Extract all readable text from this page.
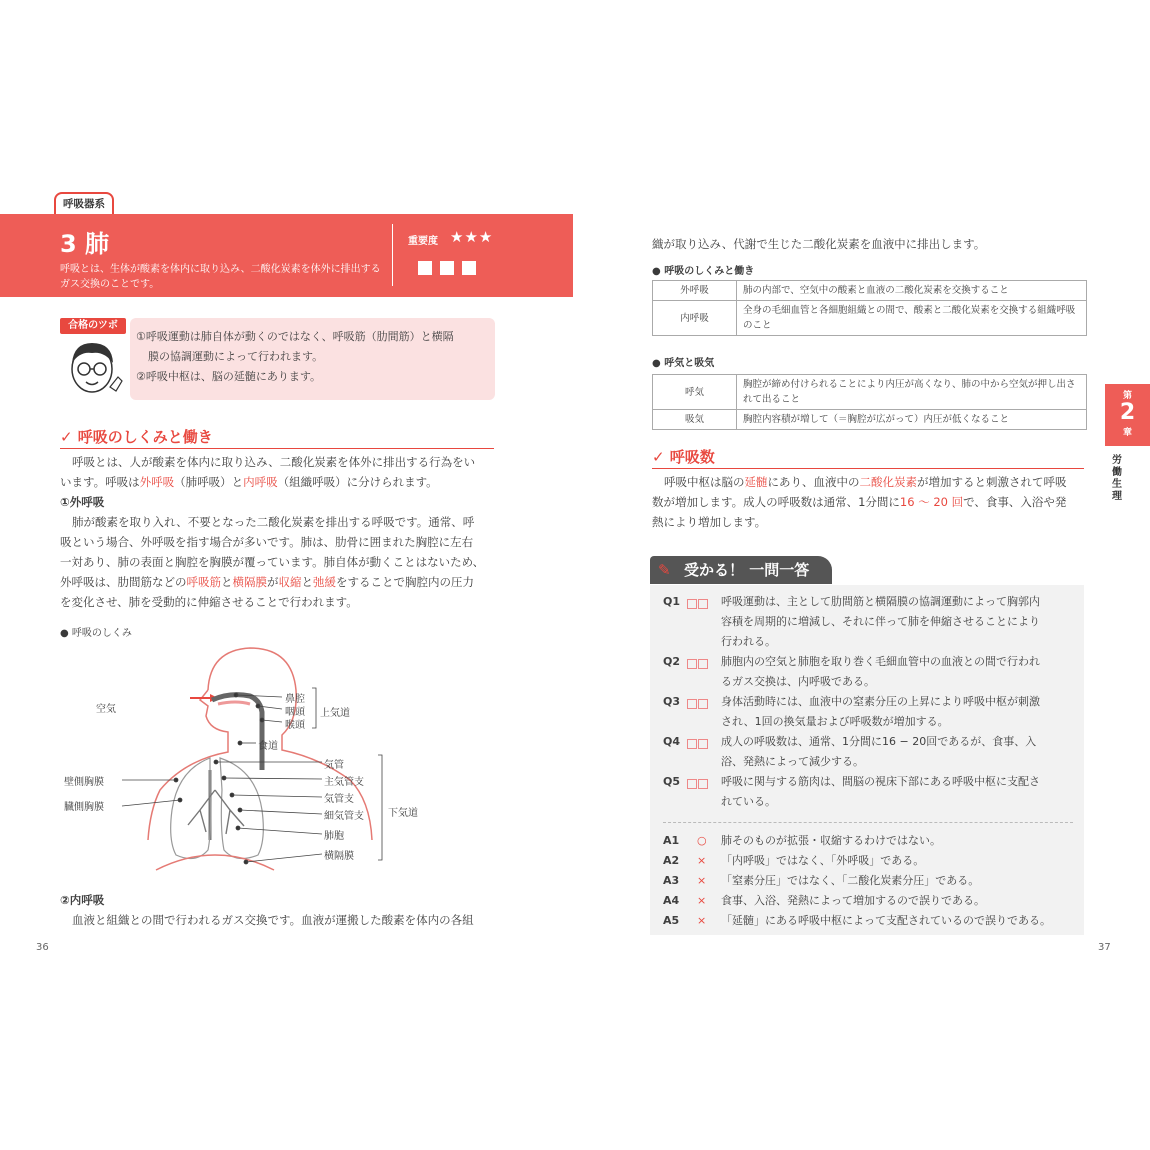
呼吸器系
3 肺
呼吸とは、生体が酸素を体内に取り込み、二酸化炭素を体外に排出するガス交換のことです。
重要度 ★★★
合格のツボ
①呼吸運動は肺自体が動くのではなく、呼吸筋（肋間筋）と横隔
膜の協調運動によって行われます。
②呼吸中枢は、脳の延髄にあります。
✓ 呼吸のしくみと働き
呼吸とは、人が酸素を体内に取り込み、二酸化炭素を体外に排出する行為をい
います。呼吸は外呼吸（肺呼吸）と内呼吸（組織呼吸）に分けられます。
①外呼吸
肺が酸素を取り入れ、不要となった二酸化炭素を排出する呼吸です。通常、呼
吸という場合、外呼吸を指す場合が多いです。肺は、肋骨に囲まれた胸腔に左右
一対あり、肺の表面と胸腔を胸膜が覆っています。肺自体が動くことはないため、
外呼吸は、肋間筋などの呼吸筋と横隔膜が収縮と弛緩をすることで胸腔内の圧力
を変化させ、肺を受動的に伸縮させることで行われます。
● 呼吸のしくみ
空気
鼻腔
咽頭
喉頭
上気道
食道
気管
主気管支
気管支
細気管支
肺胞
横隔膜
下気道
壁側胸膜
臓側胸膜
②内呼吸
血液と組織との間で行われるガス交換です。血液が運搬した酸素を体内の各組
36
織が取り込み、代謝で生じた二酸化炭素を血液中に排出します。
● 呼吸のしくみと働き
外呼吸	肺の内部で、空気中の酸素と血液の二酸化炭素を交換すること
内呼吸	全身の毛細血管と各細胞組織との間で、酸素と二酸化炭素を交換する組織呼吸のこと
● 呼気と吸気
呼気	胸腔が締め付けられることにより内圧が高くなり、肺の中から空気が押し出されて出ること
吸気	胸腔内容積が増して（＝胸腔が広がって）内圧が低くなること
✓ 呼吸数
呼吸中枢は脳の延髄にあり、血液中の二酸化炭素が増加すると刺激されて呼吸
数が増加します。成人の呼吸数は通常、1分間に16 〜 20 回で、食事、入浴や発
熱により増加します。
✎ 受かる！ 一問一答
Q1	呼吸運動は、主として肋間筋と横隔膜の協調運動によって胸郭内
容積を周期的に増減し、それに伴って肺を伸縮させることにより
行われる。
Q2	肺胞内の空気と肺胞を取り巻く毛細血管中の血液との間で行われ
るガス交換は、内呼吸である。
Q3	身体活動時には、血液中の窒素分圧の上昇により呼吸中枢が刺激
され、1回の換気量および呼吸数が増加する。
Q4	成人の呼吸数は、通常、1分間に16 − 20回であるが、食事、入
浴、発熱によって減少する。
Q5	呼吸に関与する筋肉は、間脳の視床下部にある呼吸中枢に支配さ
れている。
A1	○	肺そのものが拡張・収縮するわけではない。
A2	×	「内呼吸」ではなく、「外呼吸」である。
A3	×	「窒素分圧」ではなく、「二酸化炭素分圧」である。
A4	×	食事、入浴、発熱によって増加するので誤りである。
A5	×	「延髄」にある呼吸中枢によって支配されているので誤りである。
第
2
章
労働生理
37
